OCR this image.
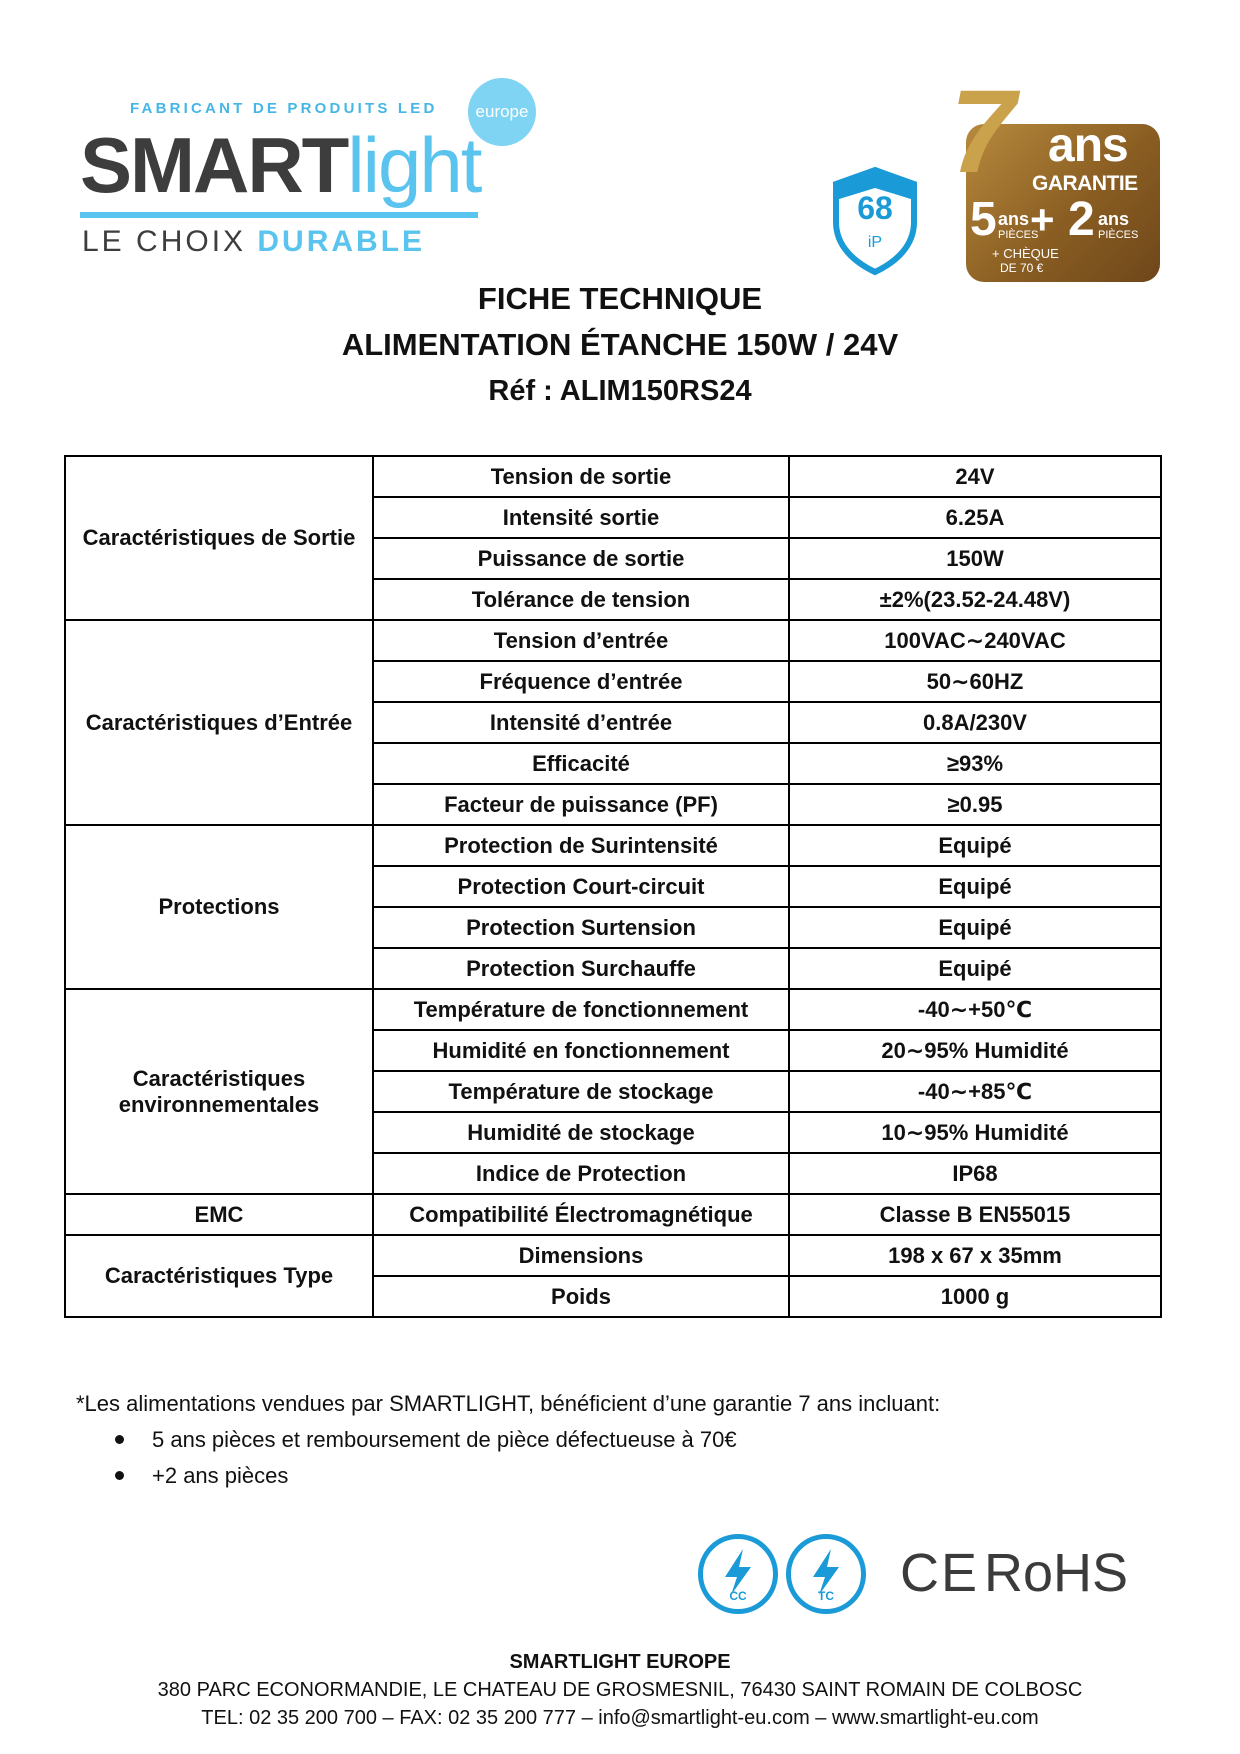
FABRICANT DE PRODUITS LED	europe
SMARTlight
LE CHOIX DURABLE
68
iP
7 ans
GARANTIE
5 ans
PIÈCES
+ 2 ans
PIÈCES
+ CHÈQUE
DE 70 €
FICHE TECHNIQUE
ALIMENTATION ÉTANCHE 150W / 24V
Réf : ALIM150RS24
Caractéristiques de Sortie	Tension de sortie	24V
	Intensité sortie	6.25A
	Puissance de sortie	150W
	Tolérance de tension	±2%(23.52-24.48V)
Caractéristiques d’Entrée	Tension d’entrée	100VAC∼240VAC
	Fréquence d’entrée	50∼60HZ
	Intensité d’entrée	0.8A/230V
	Efficacité	≥93%
	Facteur de puissance (PF)	≥0.95
Protections	Protection de Surintensité	Equipé
	Protection Court-circuit	Equipé
	Protection Surtension	Equipé
	Protection Surchauffe	Equipé
Caractéristiques environnementales	Température de fonctionnement	-40∼+50℃
	Humidité en fonctionnement	20∼95% Humidité
	Température de stockage	-40∼+85℃
	Humidité de stockage	10∼95% Humidité
	Indice de Protection	IP68
EMC	Compatibilité Électromagnétique	Classe B EN55015
Caractéristiques Type	Dimensions	198 x 67 x 35mm
	Poids	1000 g
*Les alimentations vendues par SMARTLIGHT, bénéficient d’une garantie 7 ans incluant:
5 ans pièces et remboursement de pièce défectueuse à 70€
+2 ans pièces
CC	TC	CE RoHS
SMARTLIGHT EUROPE
380 PARC ECONORMANDIE, LE CHATEAU DE GROSMESNIL, 76430 SAINT ROMAIN DE COLBOSC
TEL: 02 35 200 700 – FAX: 02 35 200 777 – info@smartlight-eu.com – www.smartlight-eu.com
